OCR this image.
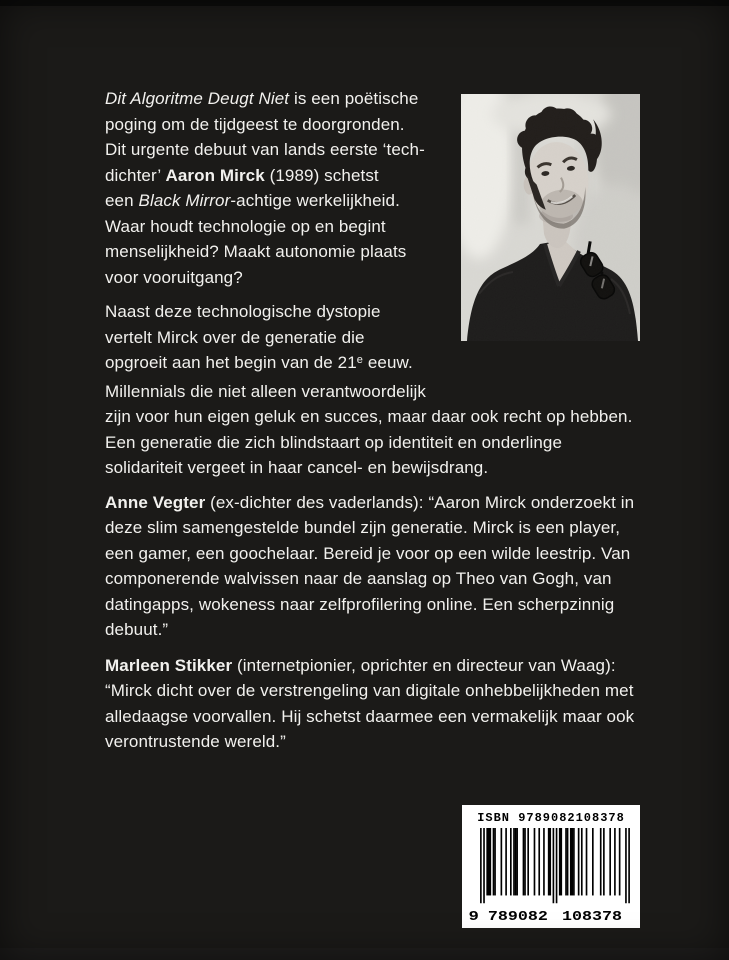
Dit Algoritme Deugt Niet is een poëtische
poging om de tijdgeest te doorgronden.
Dit urgente debuut van lands eerste ‘tech-
dichter’ Aaron Mirck (1989) schetst
een Black Mirror-achtige werkelijkheid.
Waar houdt technologie op en begint
menselijkheid? Maakt autonomie plaats
voor vooruitgang?
Naast deze technologische dystopie
vertelt Mirck over de generatie die
opgroeit aan het begin van de 21e eeuw.
Millennials die niet alleen verantwoordelijk
zijn voor hun eigen geluk en succes, maar daar ook recht op hebben.
Een generatie die zich blindstaart op identiteit en onderlinge
solidariteit vergeet in haar cancel- en bewijsdrang.
Anne Vegter (ex-dichter des vaderlands): “Aaron Mirck onderzoekt in
deze slim samengestelde bundel zijn generatie. Mirck is een player,
een gamer, een goochelaar. Bereid je voor op een wilde leestrip. Van
componerende walvissen naar de aanslag op Theo van Gogh, van
datingapps, wokeness naar zelfprofilering online. Een scherpzinnig
debuut.”
Marleen Stikker (internetpionier, oprichter en directeur van Waag):
“Mirck dicht over de verstrengeling van digitale onhebbelijkheden met
alledaagse voorvallen. Hij schetst daarmee een vermakelijk maar ook
verontrustende wereld.”
ISBN 9789082108378
9 789082 108378
